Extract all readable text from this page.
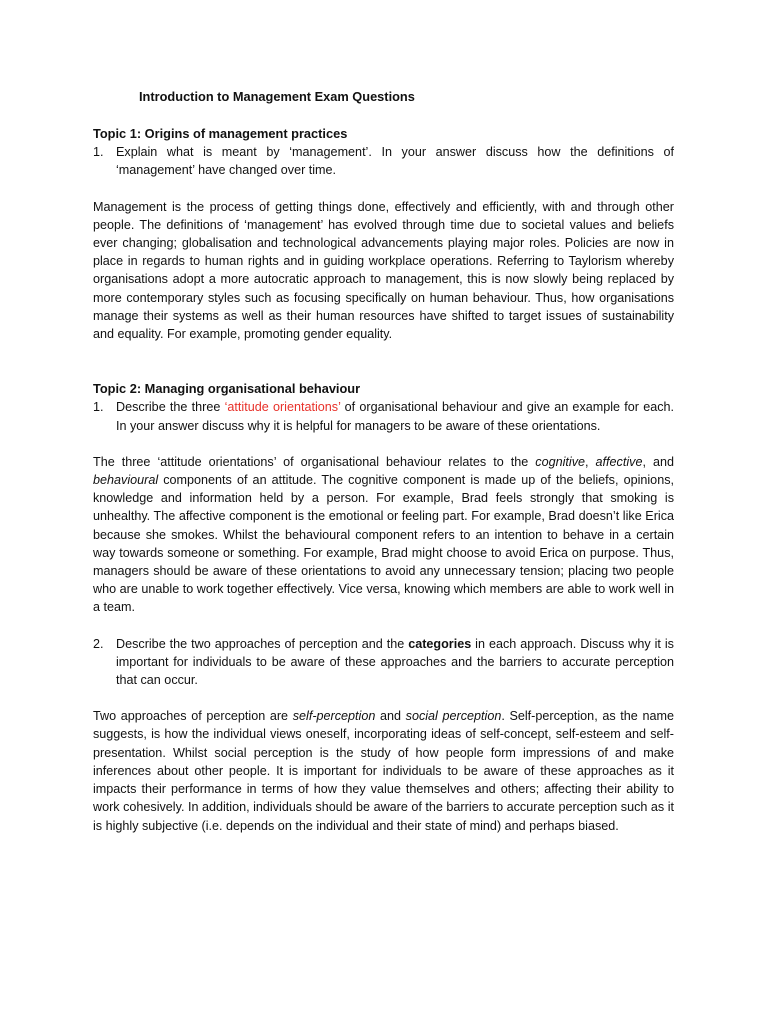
Introduction to Management Exam Questions

Topic 1: Origins of management practices

1. Explain what is meant by ‘management’. In your answer discuss how the definitions of ‘management’ have changed over time.

Management is the process of getting things done, effectively and efficiently, with and through other people. The definitions of ‘management’ has evolved through time due to societal values and beliefs ever changing; globalisation and technological advancements playing major roles. Policies are now in place in regards to human rights and in guiding workplace operations. Referring to Taylorism whereby organisations adopt a more autocratic approach to management, this is now slowly being replaced by more contemporary styles such as focusing specifically on human behaviour. Thus, how organisations manage their systems as well as their human resources have shifted to target issues of sustainability and equality. For example, promoting gender equality.

Topic 2: Managing organisational behaviour

1. Describe the three ‘attitude orientations’ of organisational behaviour and give an example for each. In your answer discuss why it is helpful for managers to be aware of these orientations.

The three ‘attitude orientations’ of organisational behaviour relates to the cognitive, affective, and behavioural components of an attitude. The cognitive component is made up of the beliefs, opinions, knowledge and information held by a person. For example, Brad feels strongly that smoking is unhealthy. The affective component is the emotional or feeling part. For example, Brad doesn’t like Erica because she smokes. Whilst the behavioural component refers to an intention to behave in a certain way towards someone or something. For example, Brad might choose to avoid Erica on purpose. Thus, managers should be aware of these orientations to avoid any unnecessary tension; placing two people who are unable to work together effectively. Vice versa, knowing which members are able to work well in a team.

2. Describe the two approaches of perception and the categories in each approach. Discuss why it is important for individuals to be aware of these approaches and the barriers to accurate perception that can occur.

Two approaches of perception are self-perception and social perception. Self-perception, as the name suggests, is how the individual views oneself, incorporating ideas of self-concept, self-esteem and self-presentation. Whilst social perception is the study of how people form impressions of and make inferences about other people. It is important for individuals to be aware of these approaches as it impacts their performance in terms of how they value themselves and others; affecting their ability to work cohesively. In addition, individuals should be aware of the barriers to accurate perception such as it is highly subjective (i.e. depends on the individual and their state of mind) and perhaps biased.
